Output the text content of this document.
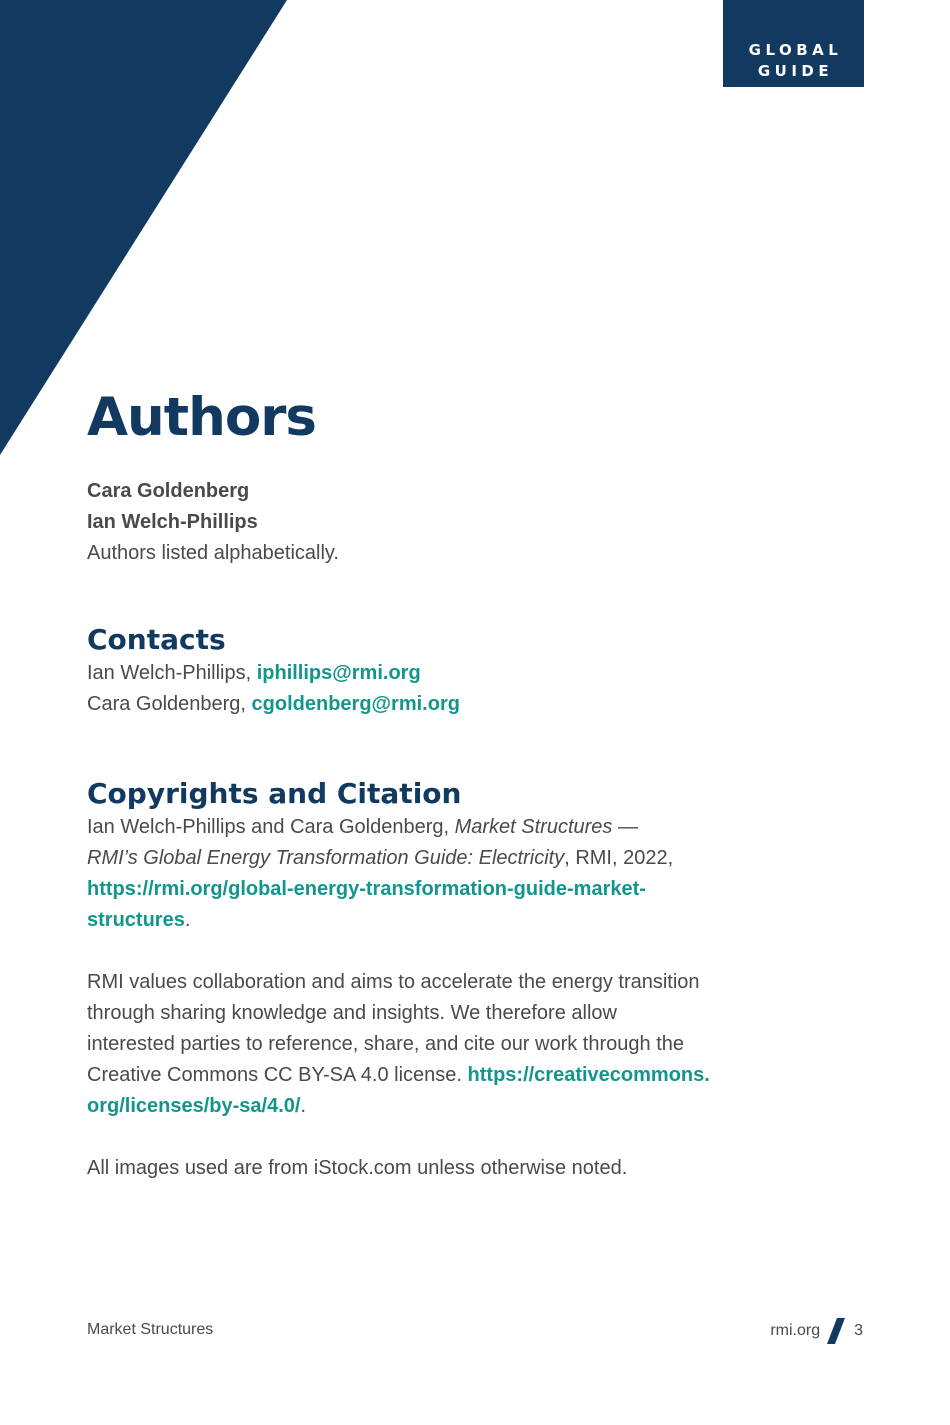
GLOBAL
GUIDE
Authors
Cara Goldenberg
Ian Welch-Phillips
Authors listed alphabetically.
Contacts
Ian Welch-Phillips, iphillips@rmi.org
Cara Goldenberg, cgoldenberg@rmi.org
Copyrights and Citation

Ian Welch-Phillips and Cara Goldenberg, Market Structures —
RMI’s Global Energy Transformation Guide: Electricity, RMI, 2022,
https://rmi.org/global-energy-transformation-guide-market-
structures.

RMI values collaboration and aims to accelerate the energy transition
through sharing knowledge and insights. We therefore allow
interested parties to reference, share, and cite our work through the
Creative Commons CC BY-SA 4.0 license. https://creativecommons.
org/licenses/by-sa/4.0/.

All images used are from iStock.com unless otherwise noted.

Market Structures	rmi.org 3
